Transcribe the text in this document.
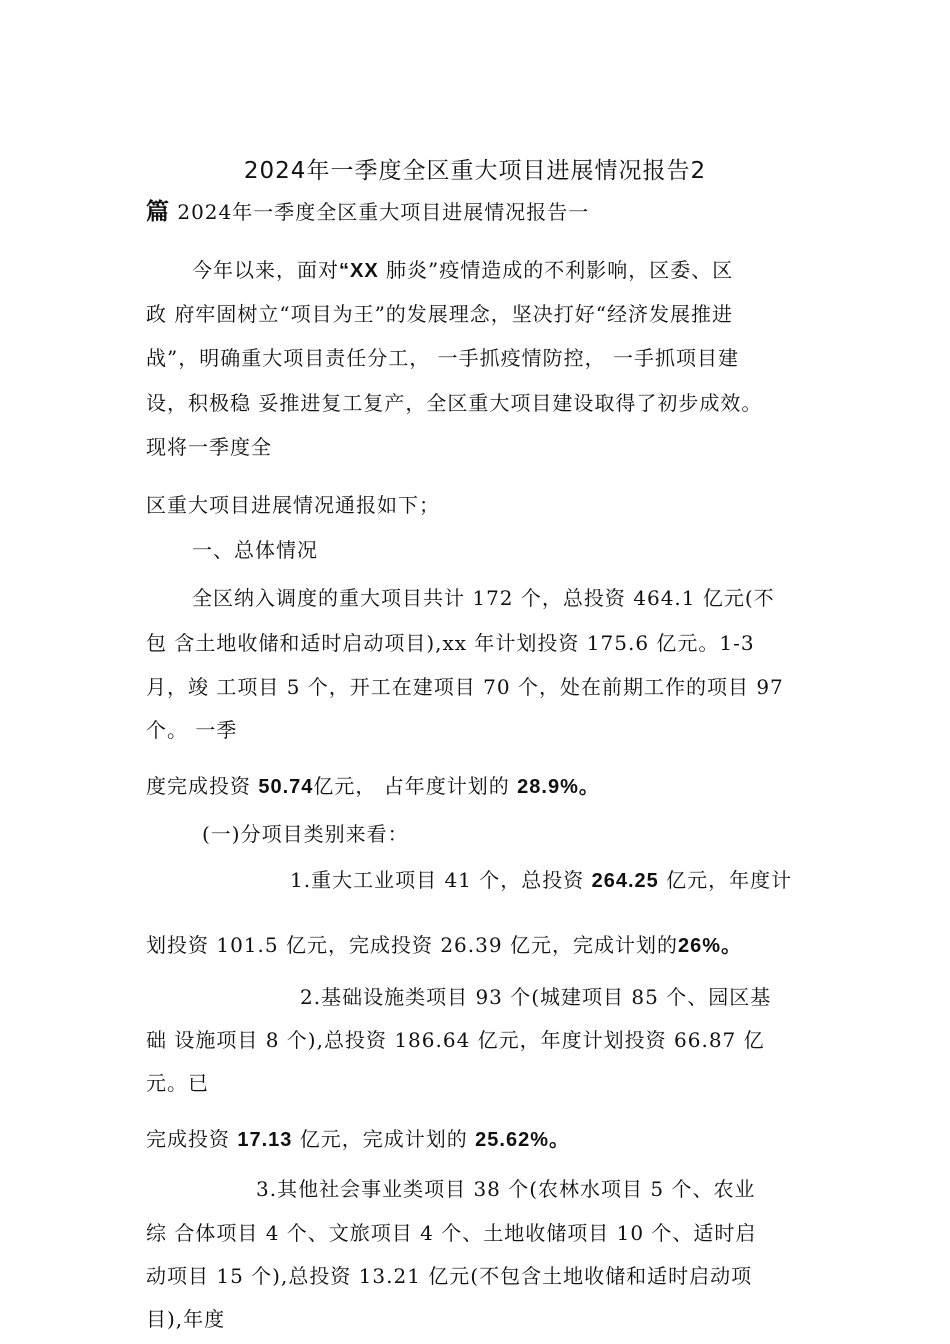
2024年一季度全区重大项目进展情况报告2
篇 2024年一季度全区重大项目进展情况报告一
今年以来，面对“XX 肺炎”疫情造成的不利影响，区委、区
政 府牢固树立“项目为王”的发展理念，坚决打好“经济发展推进
战”，明确重大项目责任分工， 一手抓疫情防控， 一手抓项目建
设，积极稳 妥推进复工复产，全区重大项目建设取得了初步成效。
现将一季度全
区重大项目进展情况通报如下；
一、总体情况
全区纳入调度的重大项目共计 172 个，总投资 464.1 亿元(不
包 含土地收储和适时启动项目),xx 年计划投资 175.6 亿元。1-3
月，竣 工项目 5 个，开工在建项目 70 个，处在前期工作的项目 97
个。 一季
度完成投资 50.74亿元， 占年度计划的 28.9%。
(一)分项目类别来看：
1.重大工业项目 41 个，总投资 264.25 亿元，年度计
划投资 101.5 亿元，完成投资 26.39 亿元，完成计划的26%。
2.基础设施类项目 93 个(城建项目 85 个、园区基
础 设施项目 8 个),总投资 186.64 亿元，年度计划投资 66.87 亿
元。已
完成投资 17.13 亿元，完成计划的 25.62%。
3.其他社会事业类项目 38 个(农林水项目 5 个、农业
综 合体项目 4 个、文旅项目 4 个、土地收储项目 10 个、适时启
动项目 15 个),总投资 13.21 亿元(不包含土地收储和适时启动项
目),年度
